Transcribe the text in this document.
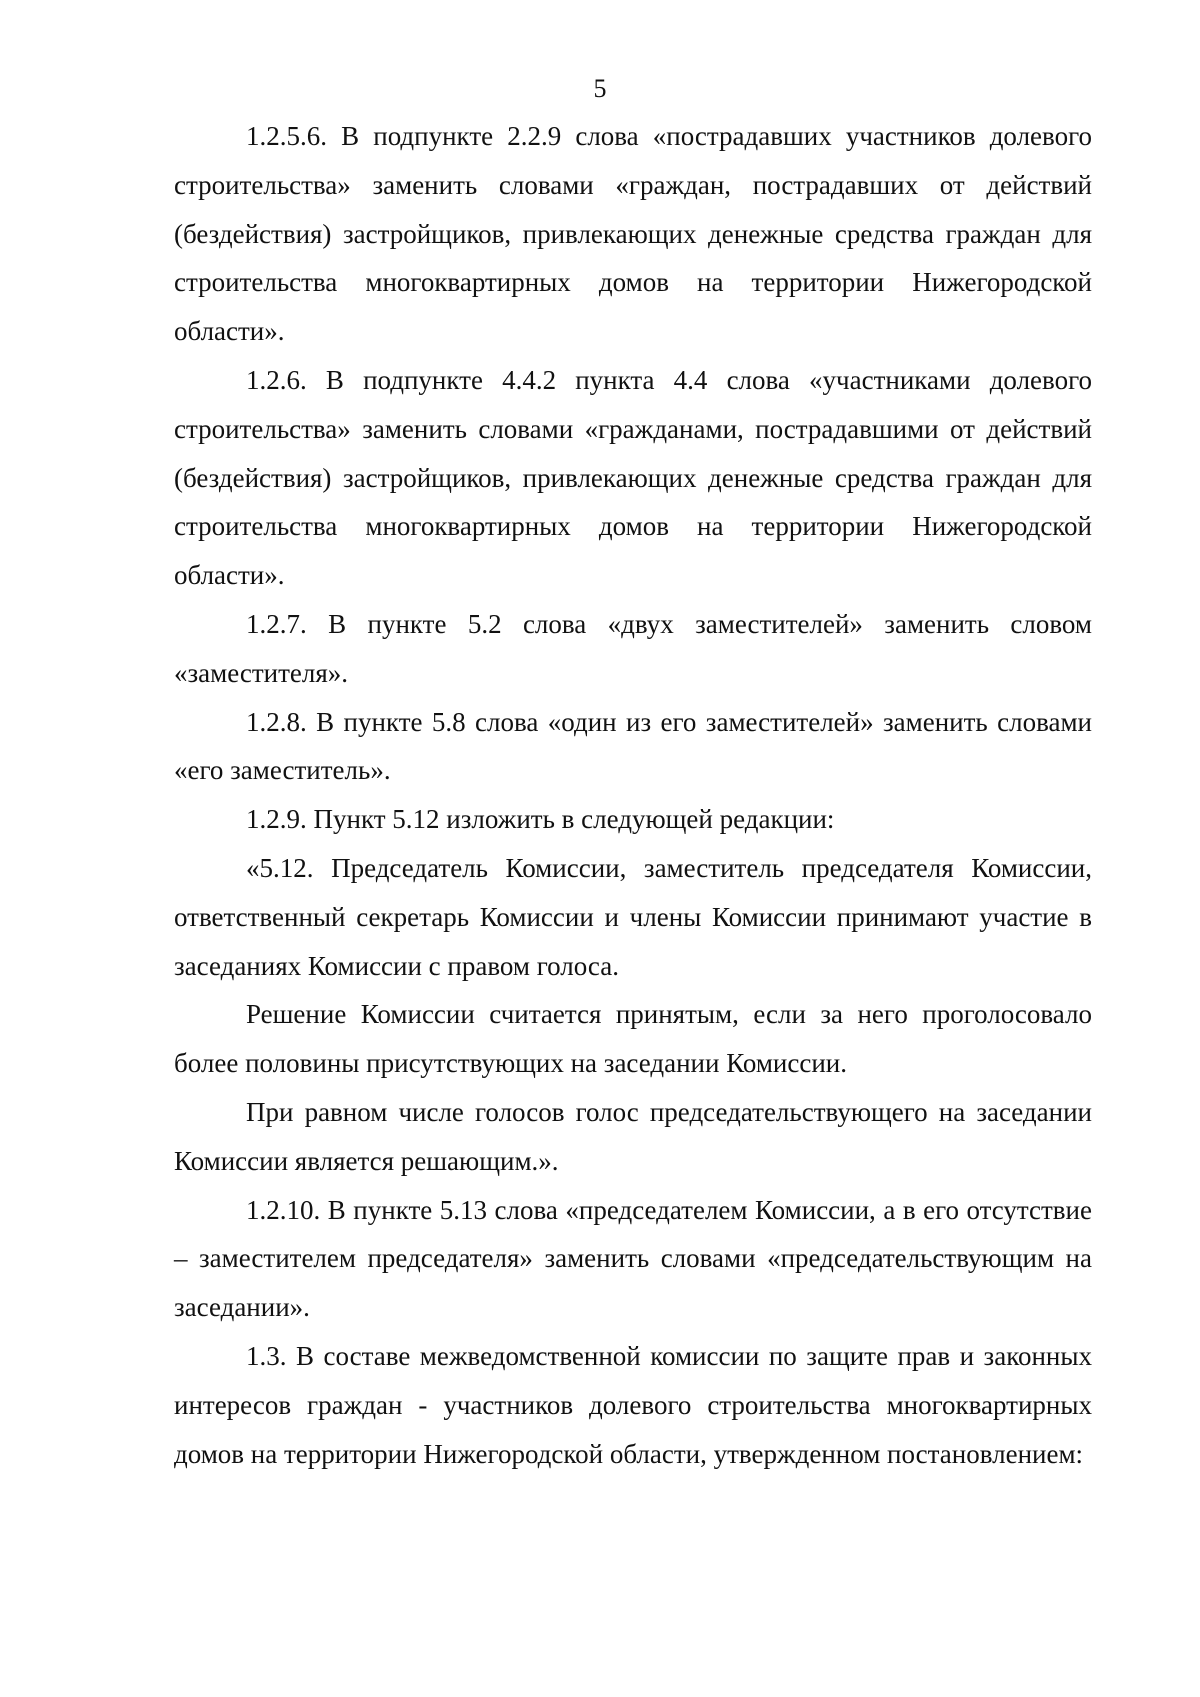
5

1.2.5.6. В подпункте 2.2.9 слова «пострадавших участников долевого строительства» заменить словами «граждан, пострадавших от действий (бездействия) застройщиков, привлекающих денежные средства граждан для строительства многоквартирных домов на территории Нижегородской области».

1.2.6. В подпункте 4.4.2 пункта 4.4 слова «участниками долевого строительства» заменить словами «гражданами, пострадавшими от действий (бездействия) застройщиков, привлекающих денежные средства граждан для строительства многоквартирных домов на территории Нижегородской области».

1.2.7. В пункте 5.2 слова «двух заместителей» заменить словом «заместителя».

1.2.8. В пункте 5.8 слова «один из его заместителей» заменить словами «его заместитель».

1.2.9. Пункт 5.12 изложить в следующей редакции:

«5.12. Председатель Комиссии, заместитель председателя Комиссии, ответственный секретарь Комиссии и члены Комиссии принимают участие в заседаниях Комиссии с правом голоса.

Решение Комиссии считается принятым, если за него проголосовало более половины присутствующих на заседании Комиссии.

При равном числе голосов голос председательствующего на заседании Комиссии является решающим.».

1.2.10. В пункте 5.13 слова «председателем Комиссии, а в его отсутствие – заместителем председателя» заменить словами «председательствующим на заседании».

1.3. В составе межведомственной комиссии по защите прав и законных интересов граждан - участников долевого строительства многоквартирных домов на территории Нижегородской области, утвержденном постановлением:
